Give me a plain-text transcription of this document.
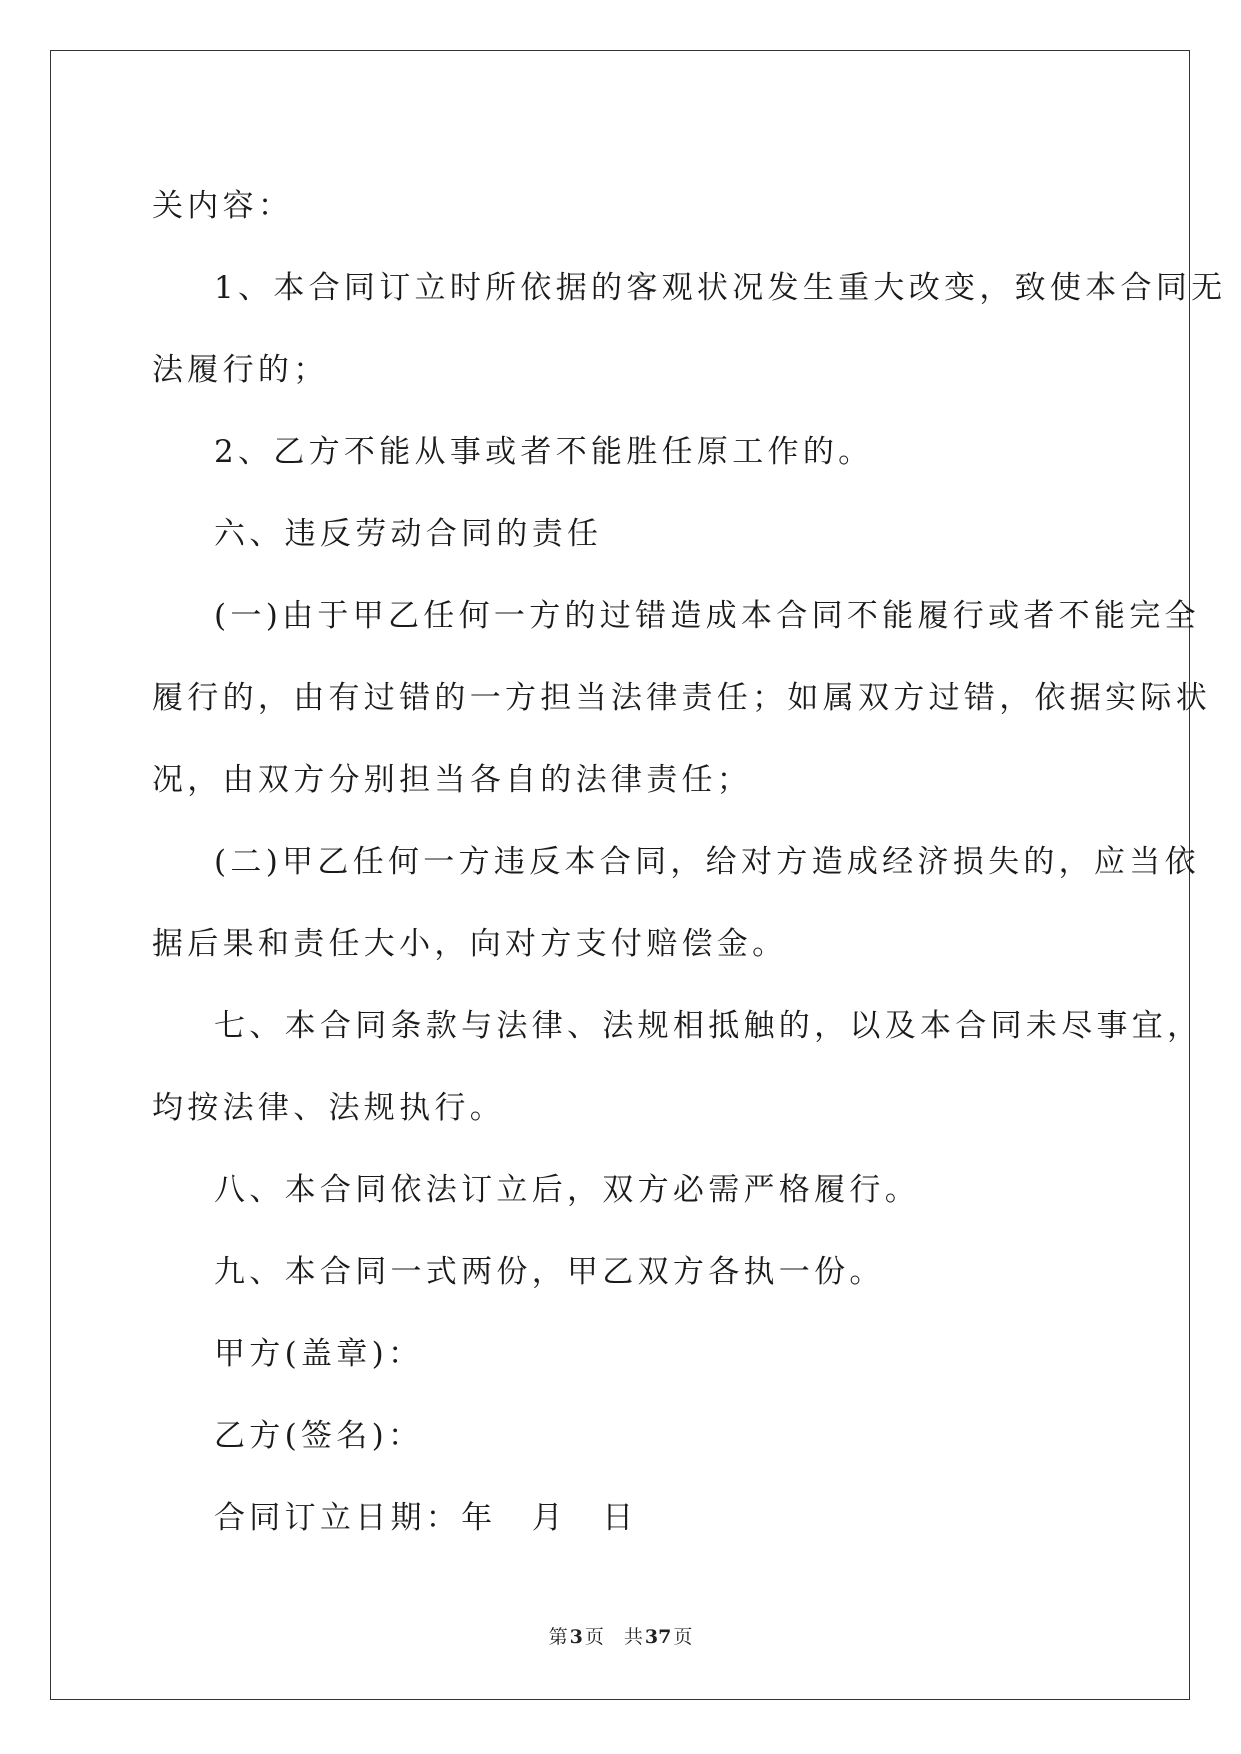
关内容：
1、本合同订立时所依据的客观状况发生重大改变，致使本合同无
法履行的；
2、乙方不能从事或者不能胜任原工作的。
六、违反劳动合同的责任
(一)由于甲乙任何一方的过错造成本合同不能履行或者不能完全
履行的，由有过错的一方担当法律责任；如属双方过错，依据实际状
况，由双方分别担当各自的法律责任；
(二)甲乙任何一方违反本合同，给对方造成经济损失的，应当依
据后果和责任大小，向对方支付赔偿金。
七、本合同条款与法律、法规相抵触的，以及本合同未尽事宜，
均按法律、法规执行。
八、本合同依法订立后，双方必需严格履行。
九、本合同一式两份，甲乙双方各执一份。
甲方(盖章)：
乙方(签名)：
合同订立日期：年　月　日
第 3 页 共 37 页
